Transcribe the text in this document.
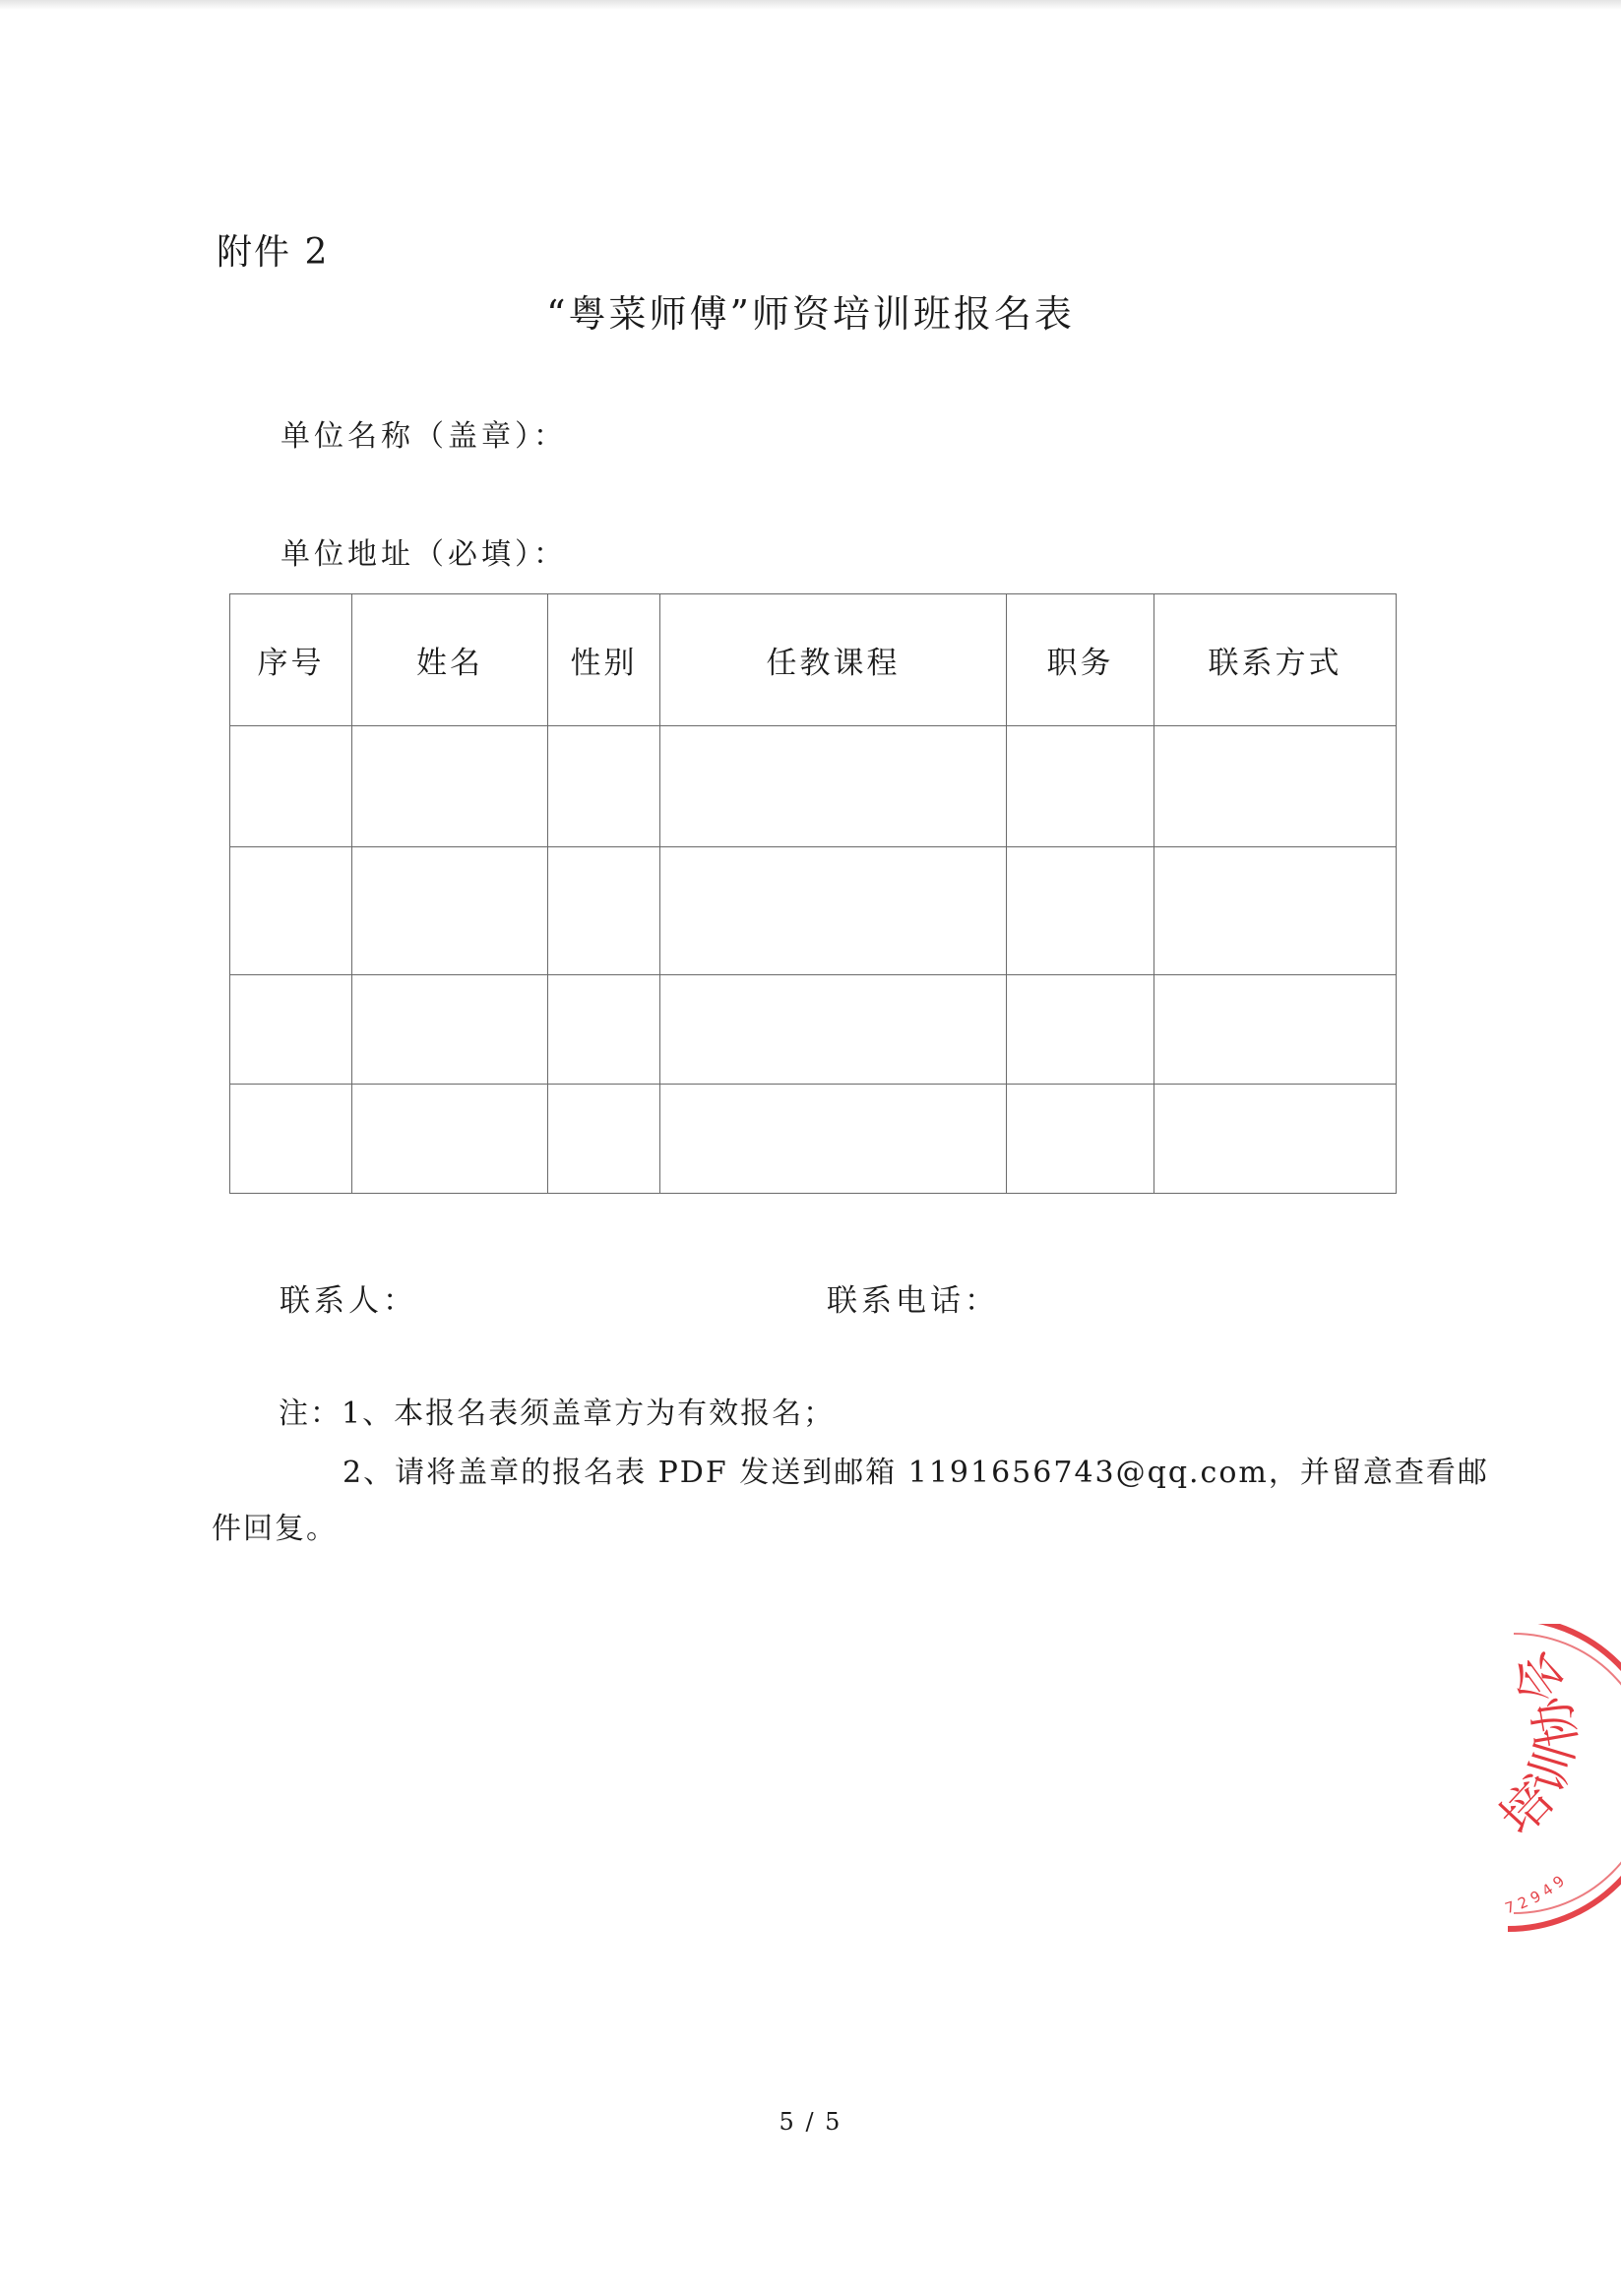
附件 2
“粤菜师傅”师资培训班报名表
单位名称（盖章）：
单位地址（必填）：
序号	姓名	性别	任教课程	职务	联系方式

联系人：	联系电话：
注：1、本报名表须盖章方为有效报名；
2、请将盖章的报名表 PDF 发送到邮箱 1191656743@qq.com，并留意查看邮
件回复。
培训协会
72949
5 / 5
